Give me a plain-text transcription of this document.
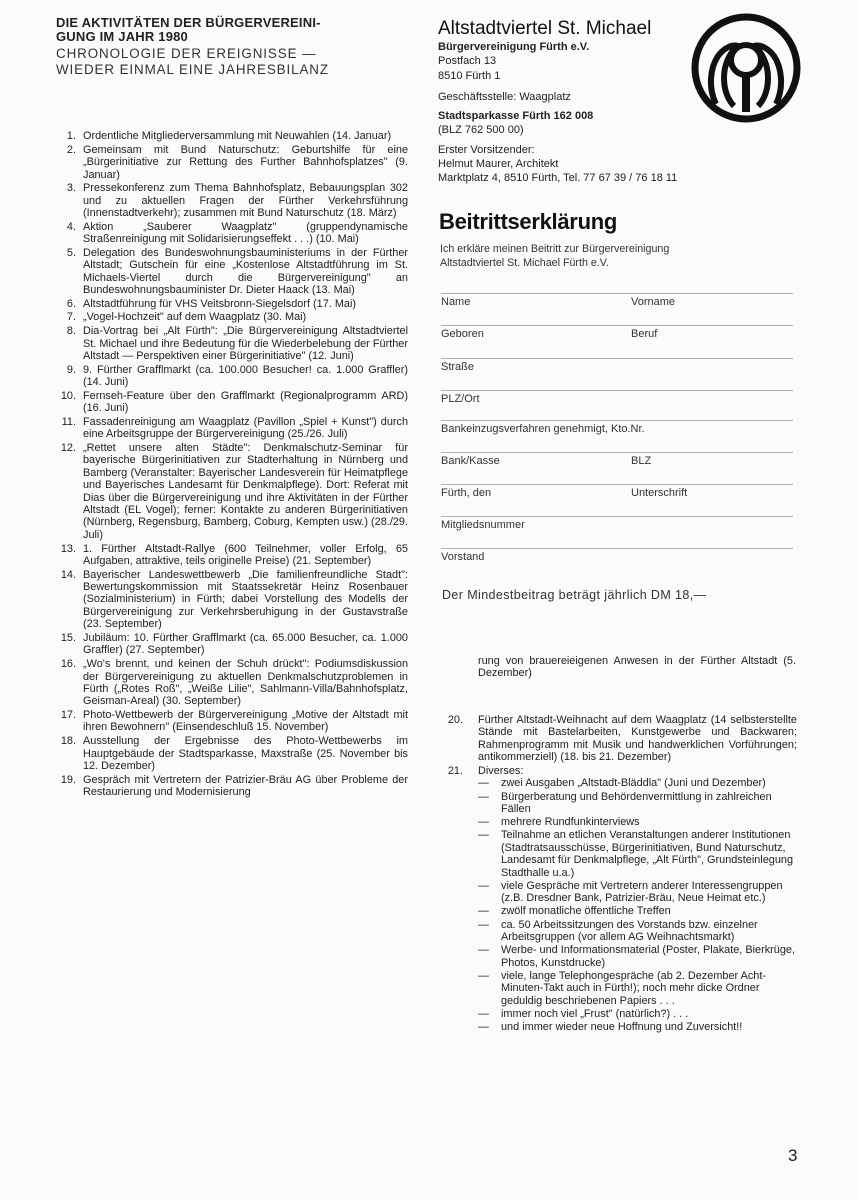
DIE AKTIVITÄTEN DER BÜRGERVEREINI-

GUNG IM JAHR 1980

CHRONOLOGIE DER EREIGNISSE —

WIEDER EINMAL EINE JAHRESBILANZ

1. Ordentliche Mitgliederversammlung mit Neuwahlen (14. Januar)
2. Gemeinsam mit Bund Naturschutz: Geburtshilfe für eine „Bürgerinitiative zur Rettung des Further Bahnhofsplatzes" (9. Januar)
3. Pressekonferenz zum Thema Bahnhofsplatz, Bebauungsplan 302 und zu aktuellen Fragen der Fürther Verkehrsführung (Innenstadtverkehr); zusammen mit Bund Naturschutz (18. März)
4. Aktion „Sauberer Waagplatz" (gruppendynamische Straßenreinigung mit Solidarisierungseffekt . . .) (10. Mai)
5. Delegation des Bundeswohnungsbauministeriums in der Fürther Altstadt; Gutschein für eine „Kostenlose Altstadtführung im St. Michaels-Viertel durch die Bürgervereinigung" an Bundeswohnungsbauminister Dr. Dieter Haack (13. Mai)
6. Altstadtführung für VHS Veitsbronn-Siegelsdorf (17. Mai)
7. „Vogel-Hochzeit" auf dem Waagplatz (30. Mai)
8. Dia-Vortrag bei „Alt Fürth": „Die Bürgervereinigung Altstadtviertel St. Michael und ihre Bedeutung für die Wiederbelebung der Fürther Altstadt — Perspektiven einer Bürgerinitiative" (12. Juni)
9. 9. Fürther Grafflmarkt (ca. 100.000 Besucher! ca. 1.000 Graffler) (14. Juni)
10. Fernseh-Feature über den Grafflmarkt (Regionalprogramm ARD) (16. Juni)
11. Fassadenreinigung am Waagplatz (Pavillon „Spiel + Kunst") durch eine Arbeitsgruppe der Bürgervereinigung (25./26. Juli)
12. „Rettet unsere alten Städte": Denkmalschutz-Seminar für bayerische Bürgerinitiativen zur Stadterhaltung in Nürnberg und Bamberg (Veranstalter: Bayerischer Landesverein für Heimatpflege und Bayerisches Landesamt für Denkmalpflege). Dort: Referat mit Dias über die Bürgervereinigung und ihre Aktivitäten in der Fürther Altstadt (EL Vogel); ferner: Kontakte zu anderen Bürgerinitiativen (Nürnberg, Regensburg, Bamberg, Coburg, Kempten usw.) (28./29. Juli)
13. 1. Fürther Altstadt-Rallye (600 Teilnehmer, voller Erfolg, 65 Aufgaben, attraktive, teils originelle Preise) (21. September)
14. Bayerischer Landeswettbewerb „Die familienfreundliche Stadt": Bewertungskommission mit Staatssekretär Heinz Rosenbauer (Sozialministerium) in Fürth; dabei Vorstellung des Modells der Bürgervereinigung zur Verkehrsberuhigung in der Gustavstraße (23. September)
15. Jubiläum: 10. Fürther Grafflmarkt (ca. 65.000 Besucher, ca. 1.000 Graffler) (27. September)
16. „Wo's brennt, und keinen der Schuh drückt": Podiumsdiskussion der Bürgervereinigung zu aktuellen Denkmalschutzproblemen in Fürth („Rotes Roß", „Weiße Lilie", Sahlmann-Villa/Bahnhofsplatz, Geisman-Areal) (30. September)
17. Photo-Wettbewerb der Bürgervereinigung „Motive der Altstadt mit ihren Bewohnern" (Einsendeschluß 15. November)
18. Ausstellung der Ergebnisse des Photo-Wettbewerbs im Hauptgebäude der Stadtsparkasse, Maxstraße (25. November bis 12. Dezember)
19. Gespräch mit Vertretern der Patrizier-Bräu AG über Probleme der Restaurierung und Modernisierung

Altstadtviertel St. Michael

Bürgervereinigung Fürth e.V.

Postfach 13

8510 Fürth 1

Geschäftsstelle: Waagplatz

Stadtsparkasse Fürth 162 008

(BLZ 762 500 00)

Erster Vorsitzender:

Helmut Maurer, Architekt

Marktplatz 4, 8510 Fürth, Tel. 77 67 39 / 76 18 11

Beitrittserklärung
Ich erkläre meinen Beitritt zur Bürgervereinigung
Altstadtviertel St. Michael Fürth e.V.
Name	Vorname
Geboren	Beruf
Straße
PLZ/Ort
Bankeinzugsverfahren genehmigt, Kto.Nr.
Bank/Kasse	BLZ
Fürth, den	Unterschrift
Mitgliedsnummer
Vorstand
Der Mindestbeitrag beträgt jährlich DM 18,—
rung von brauereieigenen Anwesen in der Fürther Altstadt (5. Dezember)
20. Fürther Altstadt-Weihnacht auf dem Waagplatz (14 selbsterstellte Stände mit Bastelarbeiten, Kunstgewerbe und Backwaren; Rahmenprogramm mit Musik und handwerklichen Vorführungen; antikommerziell) (18. bis 21. Dezember)
21. Diverses:
— zwei Ausgaben „Altstadt-Bläddla" (Juni und Dezember)
— Bürgerberatung und Behördenvermittlung in zahlreichen Fällen
— mehrere Rundfunkinterviews
— Teilnahme an etlichen Veranstaltungen anderer Institutionen (Stadtratsausschüsse, Bürgerinitiativen, Bund Naturschutz, Landesamt für Denkmalpflege, „Alt Fürth", Grundsteinlegung Stadthalle u.a.)
— viele Gespräche mit Vertretern anderer Interessengruppen (z.B. Dresdner Bank, Patrizier-Bräu, Neue Heimat etc.)
— zwölf monatliche öffentliche Treffen
— ca. 50 Arbeitssitzungen des Vorstands bzw. einzelner Arbeitsgruppen (vor allem AG Weihnachtsmarkt)
— Werbe- und Informationsmaterial (Poster, Plakate, Bierkrüge, Photos, Kunstdrucke)
— viele, lange Telephongespräche (ab 2. Dezember Acht-Minuten-Takt auch in Fürth!); noch mehr dicke Ordner geduldig beschriebenen Papiers . . .
— immer noch viel „Frust" (natürlich?) . . .
— und immer wieder neue Hoffnung und Zuversicht!!
3
